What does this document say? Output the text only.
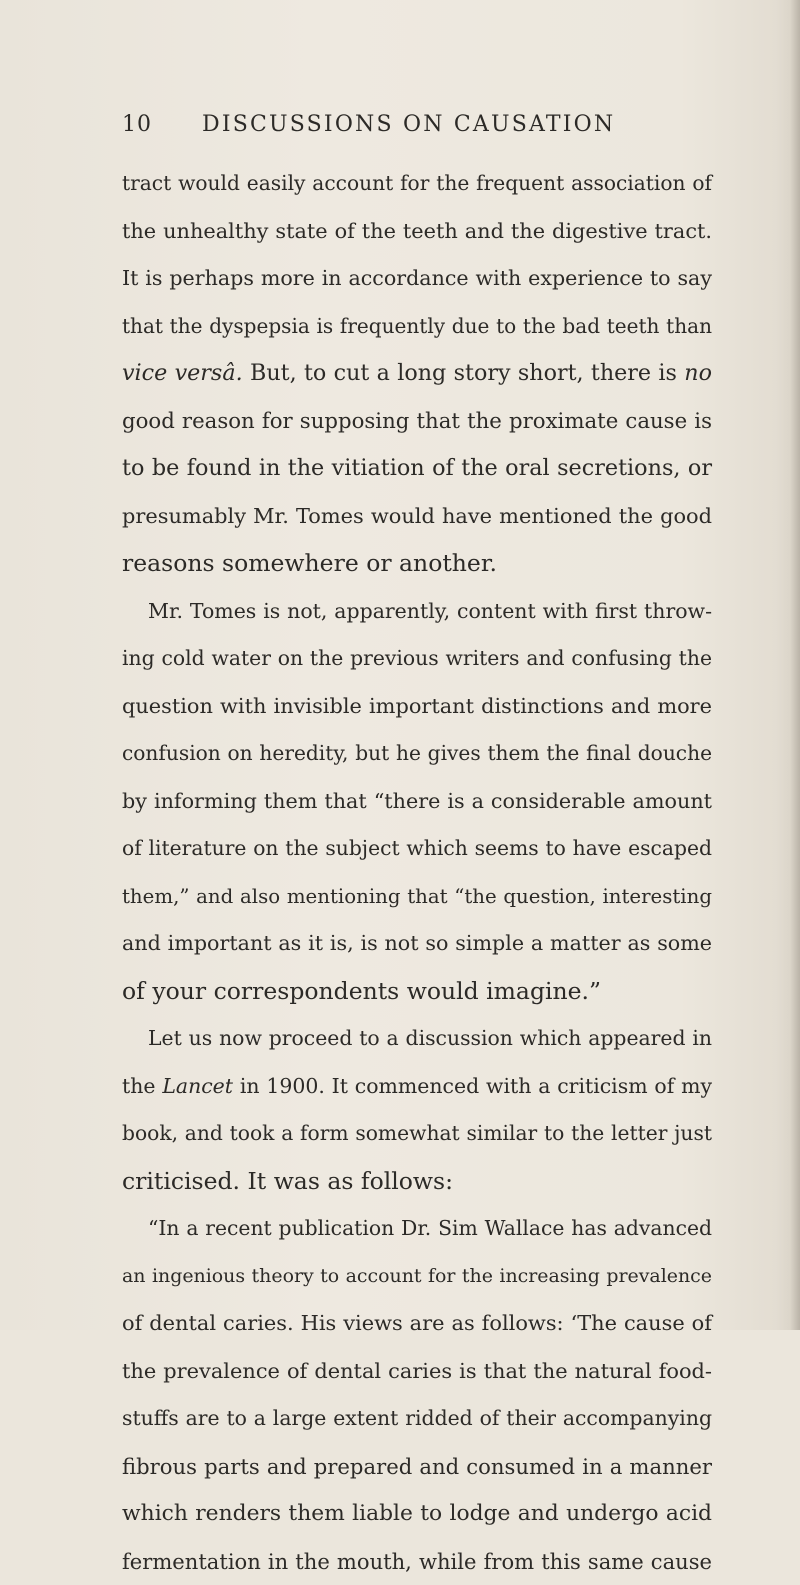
10 DISCUSSIONS ON CAUSATION
tract would easily account for the frequent association of
the unhealthy state of the teeth and the digestive tract.
It is perhaps more in accordance with experience to say
that the dyspepsia is frequently due to the bad teeth than
vice versâ. But, to cut a long story short, there is no
good reason for supposing that the proximate cause is
to be found in the vitiation of the oral secretions, or
presumably Mr. Tomes would have mentioned the good
reasons somewhere or another.
Mr. Tomes is not, apparently, content with first throw-
ing cold water on the previous writers and confusing the
question with invisible important distinctions and more
confusion on heredity, but he gives them the final douche
by informing them that “there is a considerable amount
of literature on the subject which seems to have escaped
them,” and also mentioning that “the question, interesting
and important as it is, is not so simple a matter as some
of your correspondents would imagine.”
Let us now proceed to a discussion which appeared in
the Lancet in 1900. It commenced with a criticism of my
book, and took a form somewhat similar to the letter just
criticised. It was as follows:
“In a recent publication Dr. Sim Wallace has advanced
an ingenious theory to account for the increasing prevalence
of dental caries. His views are as follows: ‘The cause of
the prevalence of dental caries is that the natural food-
stuffs are to a large extent ridded of their accompanying
fibrous parts and prepared and consumed in a manner
which renders them liable to lodge and undergo acid
fermentation in the mouth, while from this same cause
